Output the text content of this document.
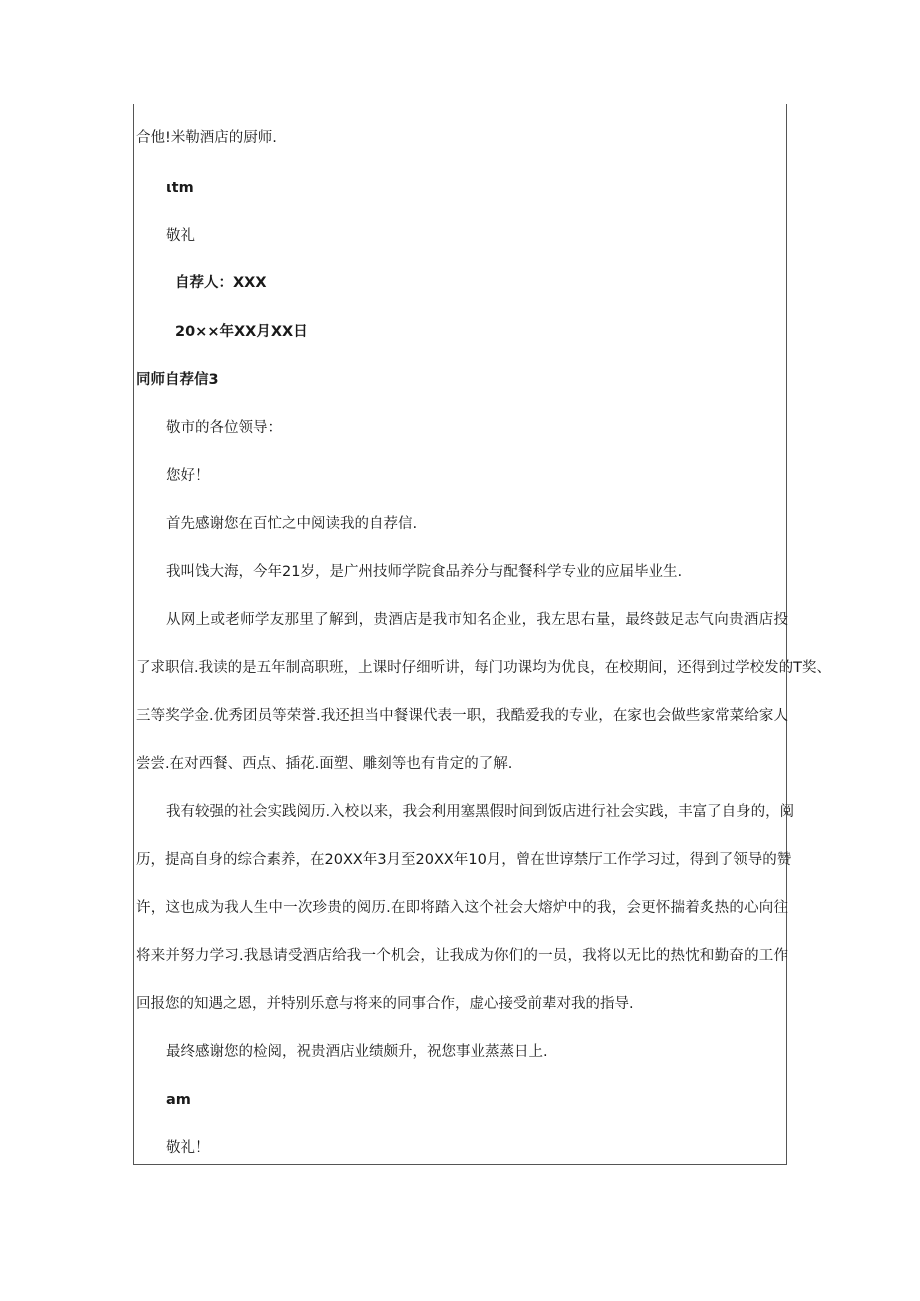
合他!米勒酒店的厨师.
ιtm
敬礼
自荐人：XXX
20××年XX月XX日
同师自荐信3
敬市的各位领导：
您好！
首先感谢您在百忙之中阅读我的自荐信.
我叫饯大海，今年21岁，是广州技师学院食品养分与配餐科学专业的应届毕业生.
从网上或老师学友那里了解到，贵酒店是我市知名企业，我左思右量，最终鼓足志气向贵酒店投
了求职信.我读的是五年制高职班，上课时仔细听讲，每门功课均为优良，在校期间，还得到过学校发的T奖、
三等奖学金.优秀团员等荣誉.我还担当中餐课代表一职，我酷爱我的专业，在家也会做些家常菜给家人
尝尝.在对西餐、西点、插花.面塑、雕刻等也有肯定的了解.
我有较强的社会实践阅历.入校以来，我会利用塞黑假时间到饭店进行社会实践，丰富了自身的，阅
历，提高自身的综合素养，在20XX年3月至20XX年10月，曾在世谆禁厅工作学习过，得到了领导的赞
许，这也成为我人生中一次珍贵的阅历.在即将踏入这个社会大熔炉中的我，会更怀揣着炙热的心向往
将来并努力学习.我恳请受酒店给我一个机会，让我成为你们的一员，我将以无比的热忱和勤奋的工作
回报您的知遇之恩，并特别乐意与将来的同事合作，虚心接受前辈对我的指导.
最终感谢您的检阅，祝贵酒店业绩颇升，祝您事业蒸蒸日上.
am
敬礼！
